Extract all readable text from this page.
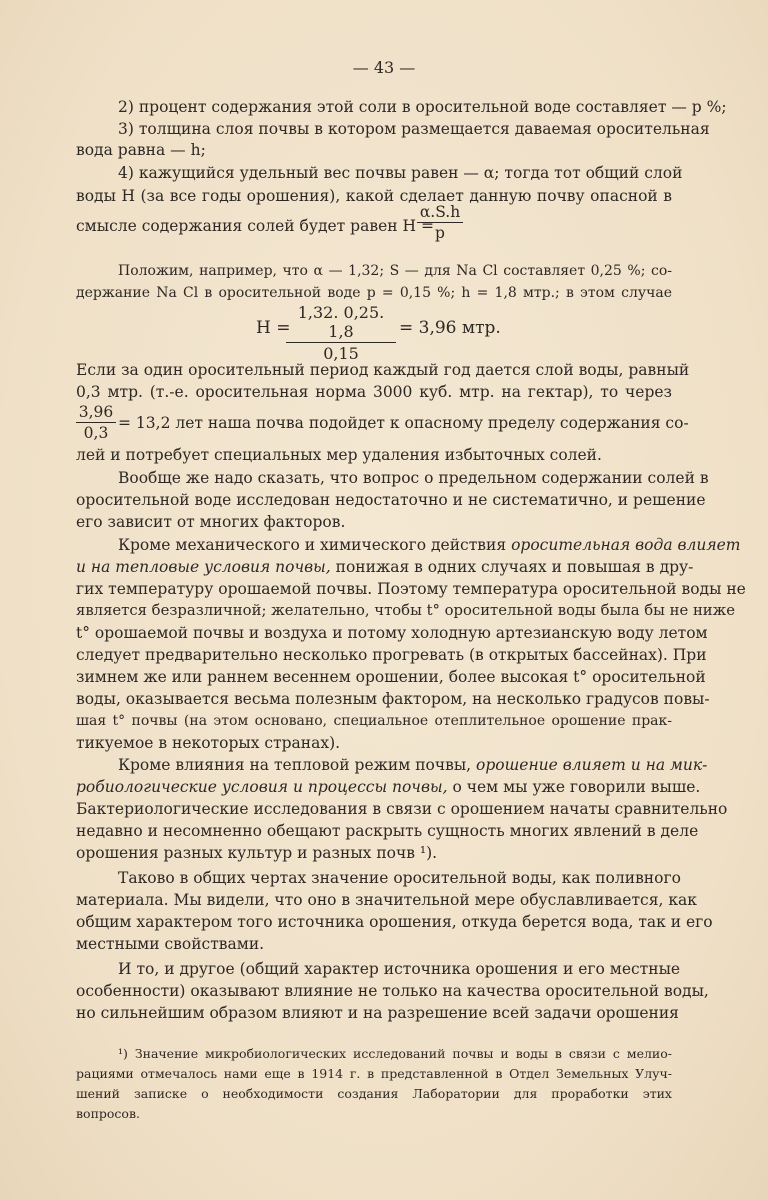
— 43 —
2) процент содержания этой соли в оросительной воде составляет — p %;
3) толщина слоя почвы в котором размещается даваемая оросительная
вода равна — h;
4) кажущийся удельный вес почвы равен — α; тогда тот общий слой
воды H (за все годы орошения), какой сделает данную почву опасной в
смысле содержания солей будет равен H =
$\frac{\alpha.S.h}{p}$
Положим, например, что α — 1,32; S — для Na Cl составляет 0,25 %; со-
держание Na Cl в оросительной воде p = 0,15 %; h = 1,8 мтр.; в этом случае
H =
$\frac{1,32. 0,25. 1,8}{0,15} = 3,96$ мтр.
Если за один оросительный период каждый год дается слой воды, равный
0,3 мтр. (т.-е. оросительная норма 3000 куб. мтр. на гектар), то через
$\frac{3,96}{0,3} = 13,2$ лет наша почва подойдет к опасному пределу содержания со-
лей и потребует специальных мер удаления избыточных солей.
Вообще же надо сказать, что вопрос о предельном содержании солей в
оросительной воде исследован недостаточно и не систематично, и решение
его зависит от многих факторов.
Кроме механического и химического действия оросительная вода влияет
и на тепловые условия почвы, понижая в одних случаях и повышая в дру-
гих температуру орошаемой почвы. Поэтому температура оросительной воды не
является безразличной; желательно, чтобы t° оросительной воды была бы не ниже
t° орошаемой почвы и воздуха и потому холодную артезианскую воду летом
следует предварительно несколько прогревать (в открытых бассейнах). При
зимнем же или раннем весеннем орошении, более высокая t° оросительной
воды, оказывается весьма полезным фактором, на несколько градусов повы-
шая t° почвы (на этом основано, специальное отеплительное орошение прак-
тикуемое в некоторых странах).
Кроме влияния на тепловой режим почвы, орошение влияет и на мик-
робиологические условия и процессы почвы, о чем мы уже говорили выше.
Бактериологические исследования в связи с орошением начаты сравнительно
недавно и несомненно обещают раскрыть сущность многих явлений в деле
орошения разных культур и разных почв ¹).
Таково в общих чертах значение оросительной воды, как поливного
материала. Мы видели, что оно в значительной мере обуславливается, как
общим характером того источника орошения, откуда берется вода, так и его
местными свойствами.
И то, и другое (общий характер источника орошения и его местные
особенности) оказывают влияние не только на качества оросительной воды,
но сильнейшим образом влияют и на разрешение всей задачи орошения
¹) Значение микробиологических исследований почвы и воды в связи с мелио-
рациями отмечалось нами еще в 1914 г. в представленной в Отдел Земельных Улуч-
шений записке о необходимости создания Лаборатории для проработки этих
вопросов.
